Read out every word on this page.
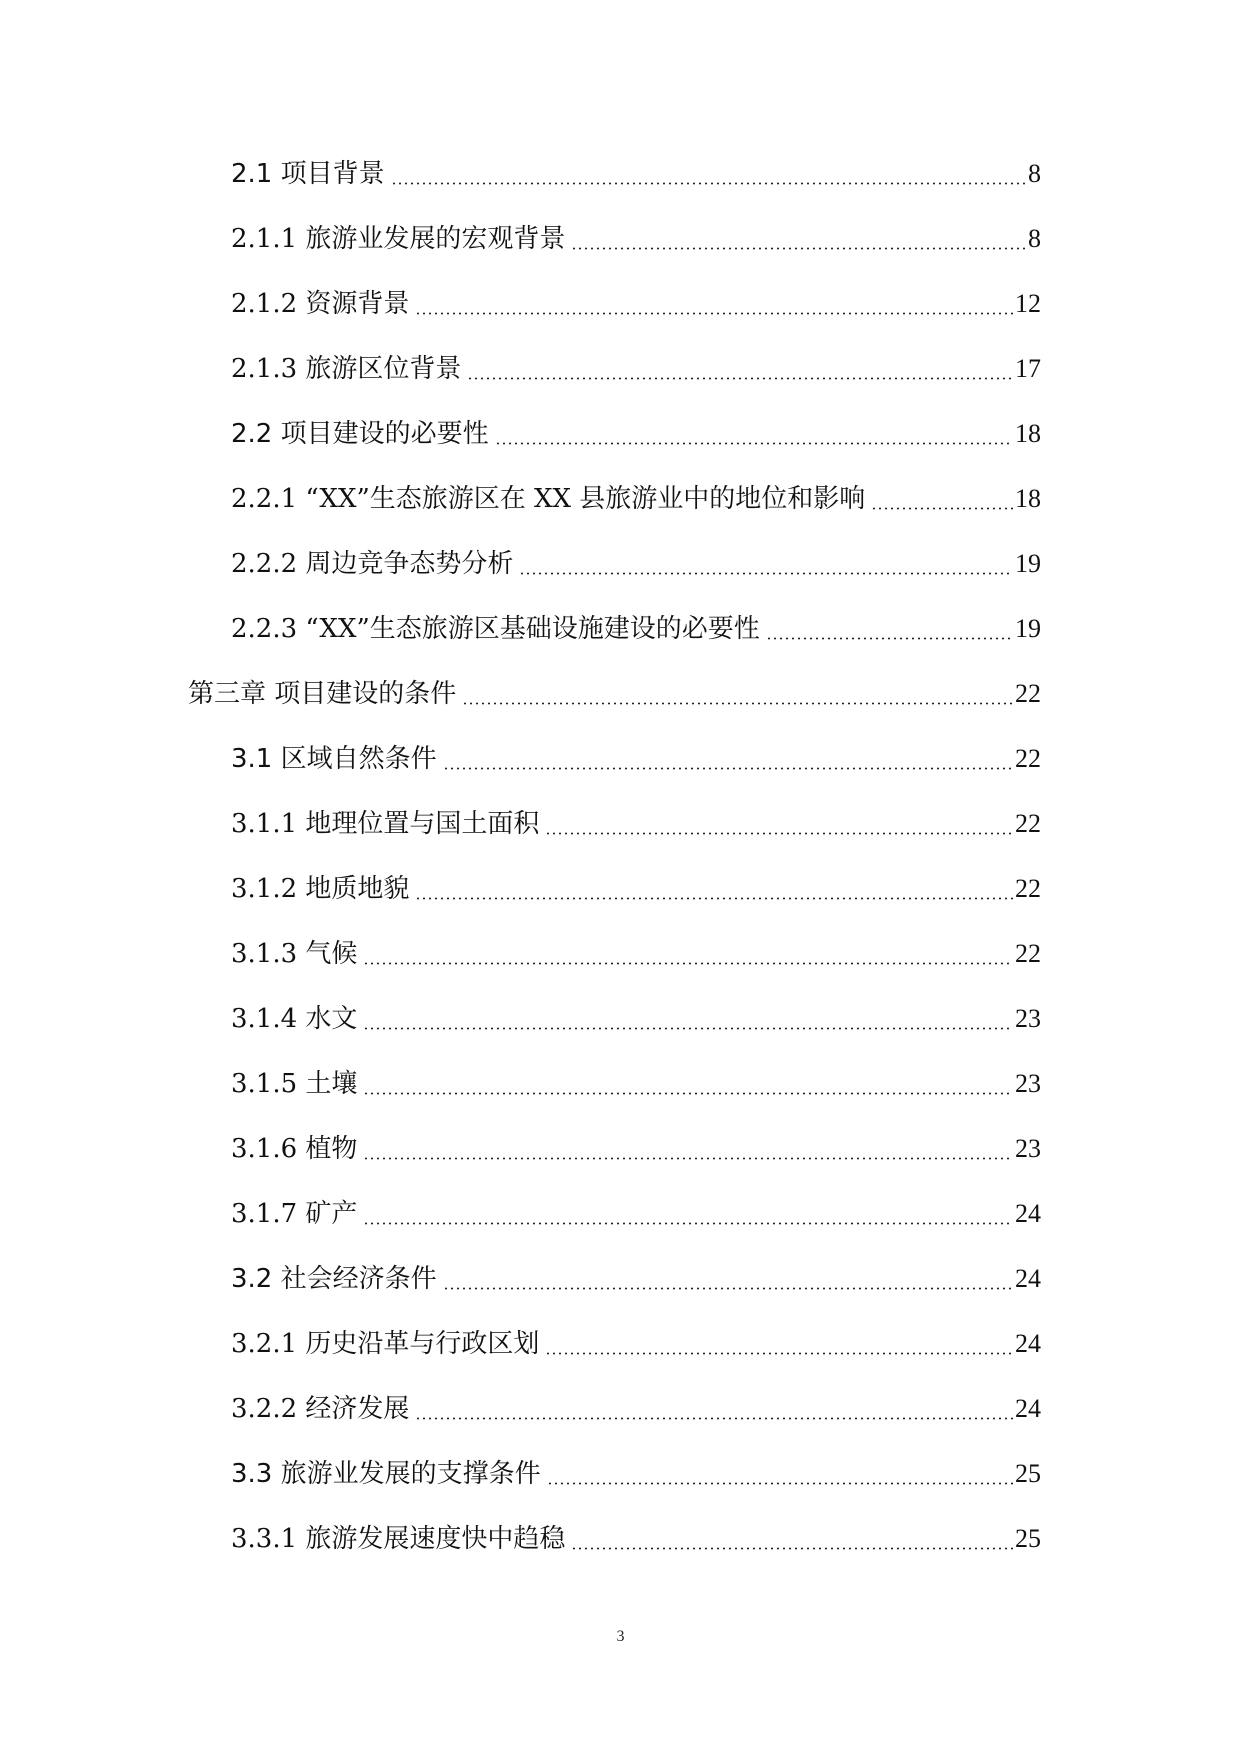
2.1 项目背景	8
2.1.1 旅游业发展的宏观背景	8
2.1.2 资源背景	12
2.1.3 旅游区位背景	17
2.2 项目建设的必要性	18
2.2.1 “XX”生态旅游区在 XX 县旅游业中的地位和影响	18
2.2.2 周边竞争态势分析	19
2.2.3 “XX”生态旅游区基础设施建设的必要性	19
第三章 项目建设的条件	22
3.1 区域自然条件	22
3.1.1 地理位置与国土面积	22
3.1.2 地质地貌	22
3.1.3 气候	22
3.1.4 水文	23
3.1.5 土壤	23
3.1.6 植物	23
3.1.7 矿产	24
3.2 社会经济条件	24
3.2.1 历史沿革与行政区划	24
3.2.2 经济发展	24
3.3 旅游业发展的支撑条件	25
3.3.1 旅游发展速度快中趋稳	25
3
